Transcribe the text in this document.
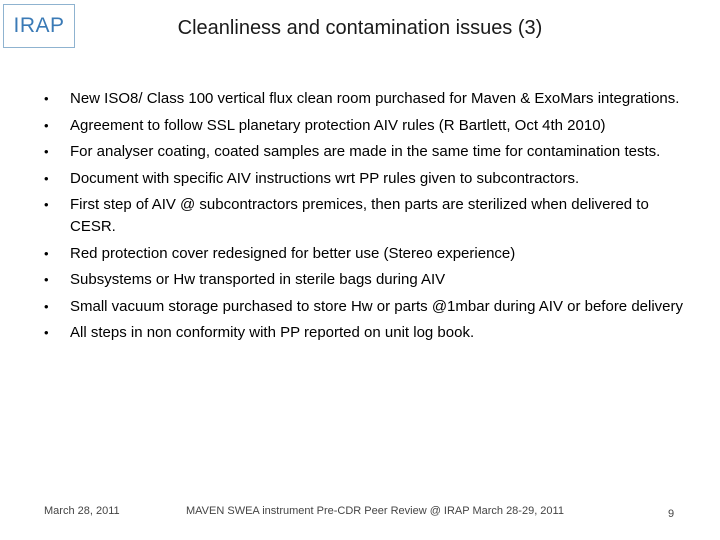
IRAP	Cleanliness and contamination issues (3)
• New ISO8/ Class 100 vertical flux clean room purchased for Maven & ExoMars integrations.
• Agreement to follow SSL planetary protection AIV rules (R Bartlett, Oct 4th 2010)
• For analyser coating, coated samples are made in the same time for contamination tests.
• Document with specific AIV instructions wrt PP rules given to subcontractors.
• First step of AIV @ subcontractors premices, then parts are sterilized when delivered to CESR.
• Red protection cover redesigned for better use (Stereo experience)
• Subsystems or Hw transported in sterile bags during AIV
• Small vacuum storage purchased to store Hw or parts @1mbar during AIV or before delivery
• All steps in non conformity with PP reported on unit log book.
March 28, 2011	MAVEN SWEA instrument Pre-CDR Peer Review @ IRAP March 28-29, 2011	9
